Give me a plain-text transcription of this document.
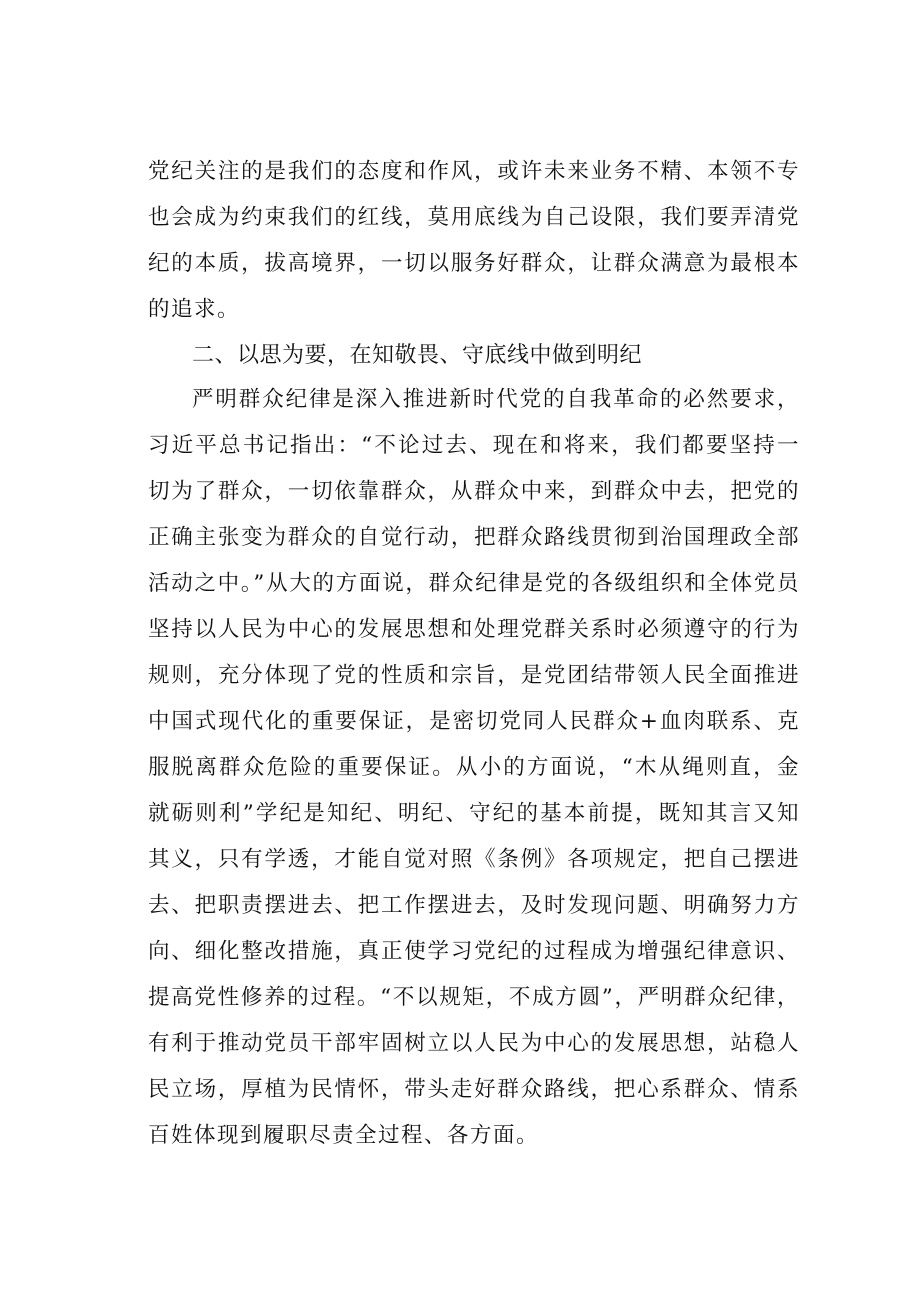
党纪关注的是我们的态度和作风，或许未来业务不精、本领不专也会成为约束我们的红线，莫用底线为自己设限，我们要弄清党纪的本质，拔高境界，一切以服务好群众，让群众满意为最根本的追求。

二、以思为要，在知敬畏、守底线中做到明纪

严明群众纪律是深入推进新时代党的自我革命的必然要求，习近平总书记指出：“不论过去、现在和将来，我们都要坚持一切为了群众，一切依靠群众，从群众中来，到群众中去，把党的正确主张变为群众的自觉行动，把群众路线贯彻到治国理政全部活动之中。”从大的方面说，群众纪律是党的各级组织和全体党员坚持以人民为中心的发展思想和处理党群关系时必须遵守的行为规则，充分体现了党的性质和宗旨，是党团结带领人民全面推进中国式现代化的重要保证，是密切党同人民群众+血肉联系、克服脱离群众危险的重要保证。从小的方面说，“木从绳则直，金就砺则利”学纪是知纪、明纪、守纪的基本前提，既知其言又知其义，只有学透，才能自觉对照《条例》各项规定，把自己摆进去、把职责摆进去、把工作摆进去，及时发现问题、明确努力方向、细化整改措施，真正使学习党纪的过程成为增强纪律意识、提高党性修养的过程。“不以规矩，不成方圆”，严明群众纪律，有利于推动党员干部牢固树立以人民为中心的发展思想，站稳人民立场，厚植为民情怀，带头走好群众路线，把心系群众、情系百姓体现到履职尽责全过程、各方面。
